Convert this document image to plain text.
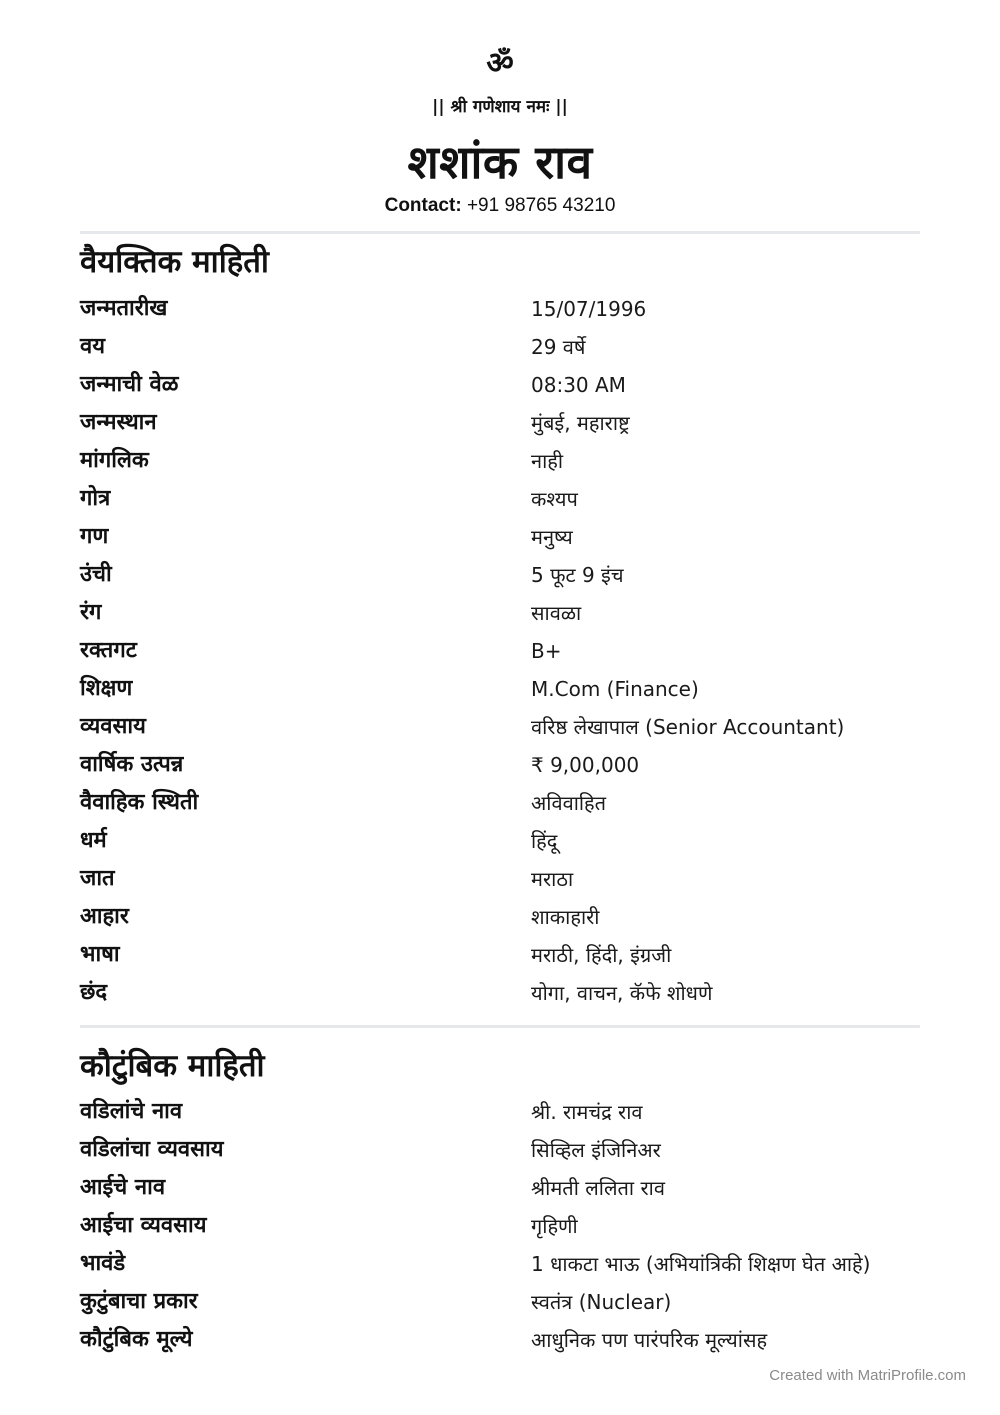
ॐ
|| श्री गणेशाय नमः ||
शशांक राव
Contact: +91 98765 43210
वैयक्तिक माहिती
जन्मतारीख	15/07/1996
वय	29 वर्षे
जन्माची वेळ	08:30 AM
जन्मस्थान	मुंबई, महाराष्ट्र
मांगलिक	नाही
गोत्र	कश्यप
गण	मनुष्य
उंची	5 फूट 9 इंच
रंग	सावळा
रक्तगट	B+
शिक्षण	M.Com (Finance)
व्यवसाय	वरिष्ठ लेखापाल (Senior Accountant)
वार्षिक उत्पन्न	₹ 9,00,000
वैवाहिक स्थिती	अविवाहित
धर्म	हिंदू
जात	मराठा
आहार	शाकाहारी
भाषा	मराठी, हिंदी, इंग्रजी
छंद	योगा, वाचन, कॅफे शोधणे
कौटुंबिक माहिती
वडिलांचे नाव	श्री. रामचंद्र राव
वडिलांचा व्यवसाय	सिव्हिल इंजिनिअर
आईचे नाव	श्रीमती ललिता राव
आईचा व्यवसाय	गृहिणी
भावंडे	1 धाकटा भाऊ (अभियांत्रिकी शिक्षण घेत आहे)
कुटुंबाचा प्रकार	स्वतंत्र (Nuclear)
कौटुंबिक मूल्ये	आधुनिक पण पारंपरिक मूल्यांसह
Created with MatriProfile.com
